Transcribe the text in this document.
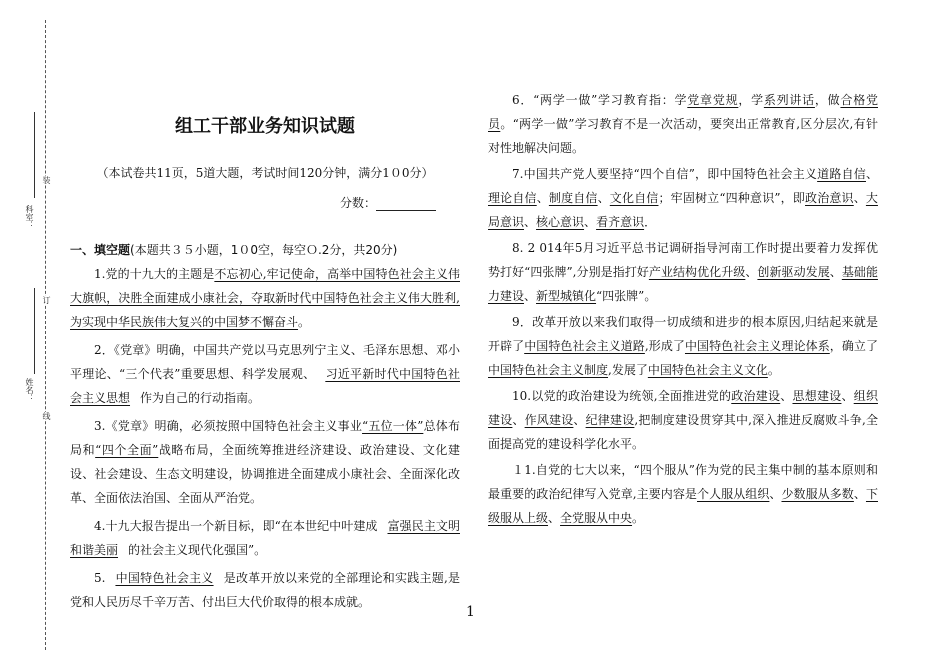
科室：
姓名：
装
订
线
组工干部业务知识试题
（本试卷共11页，5道大题，考试时间120分钟，满分1０0分）
分数：
一、填空题(本题共３５小题，1０0空，每空Ｏ.2分，共20分)

1.党的十九大的主题是不忘初心,牢记使命，高举中国特色社会主义伟大旗帜，决胜全面建成小康社会，夺取新时代中国特色社会主义伟大胜利,为实现中华民族伟大复兴的中国梦不懈奋斗。

2．《党章》明确，中国共产党以马克思列宁主义、毛泽东思想、邓小平理论、“三个代表”重要思想、科学发展观、 习近平新时代中国特色社会主义思想 作为自己的行动指南。

3.《党章》明确，必须按照中国特色社会主义事业“五位一体”总体布局和“四个全面”战略布局，全面统筹推进经济建设、政治建设、文化建设、社会建设、生态文明建设，协调推进全面建成小康社会、全面深化改革、全面依法治国、全面从严治党。

4.十九大报告提出一个新目标，即“在本世纪中叶建成 富强民主文明和谐美丽 的社会主义现代化强国”。

5. 中国特色社会主义 是改革开放以来党的全部理论和实践主题,是党和人民历尽千辛万苦、付出巨大代价取得的根本成就。

6．“两学一做”学习教育指：学党章党规，学系列讲话，做合格党员。“两学一做”学习教育不是一次活动，要突出正常教育,区分层次,有针对性地解决问题。

7.中国共产党人要坚持“四个自信”，即中国特色社会主义道路自信、理论自信、制度自信、文化自信；牢固树立“四种意识”，即政治意识、大局意识、核心意识、看齐意识．

8. 2 014年5月习近平总书记调研指导河南工作时提出要着力发挥优势打好“四张牌”,分别是指打好产业结构优化升级、创新驱动发展、基础能力建设、新型城镇化“四张牌”。

9．改革开放以来我们取得一切成绩和进步的根本原因,归结起来就是开辟了中国特色社会主义道路,形成了中国特色社会主义理论体系，确立了中国特色社会主义制度,发展了中国特色社会主义文化。

10.以党的政治建设为统领,全面推进党的政治建设、思想建设、组织建设、作风建设、纪律建设,把制度建设贯穿其中,深入推进反腐败斗争,全面提高党的建设科学化水平。

１1.自党的七大以来，“四个服从”作为党的民主集中制的基本原则和最重要的政治纪律写入党章,主要内容是个人服从组织、少数服从多数、下级服从上级、全党服从中央。

1
